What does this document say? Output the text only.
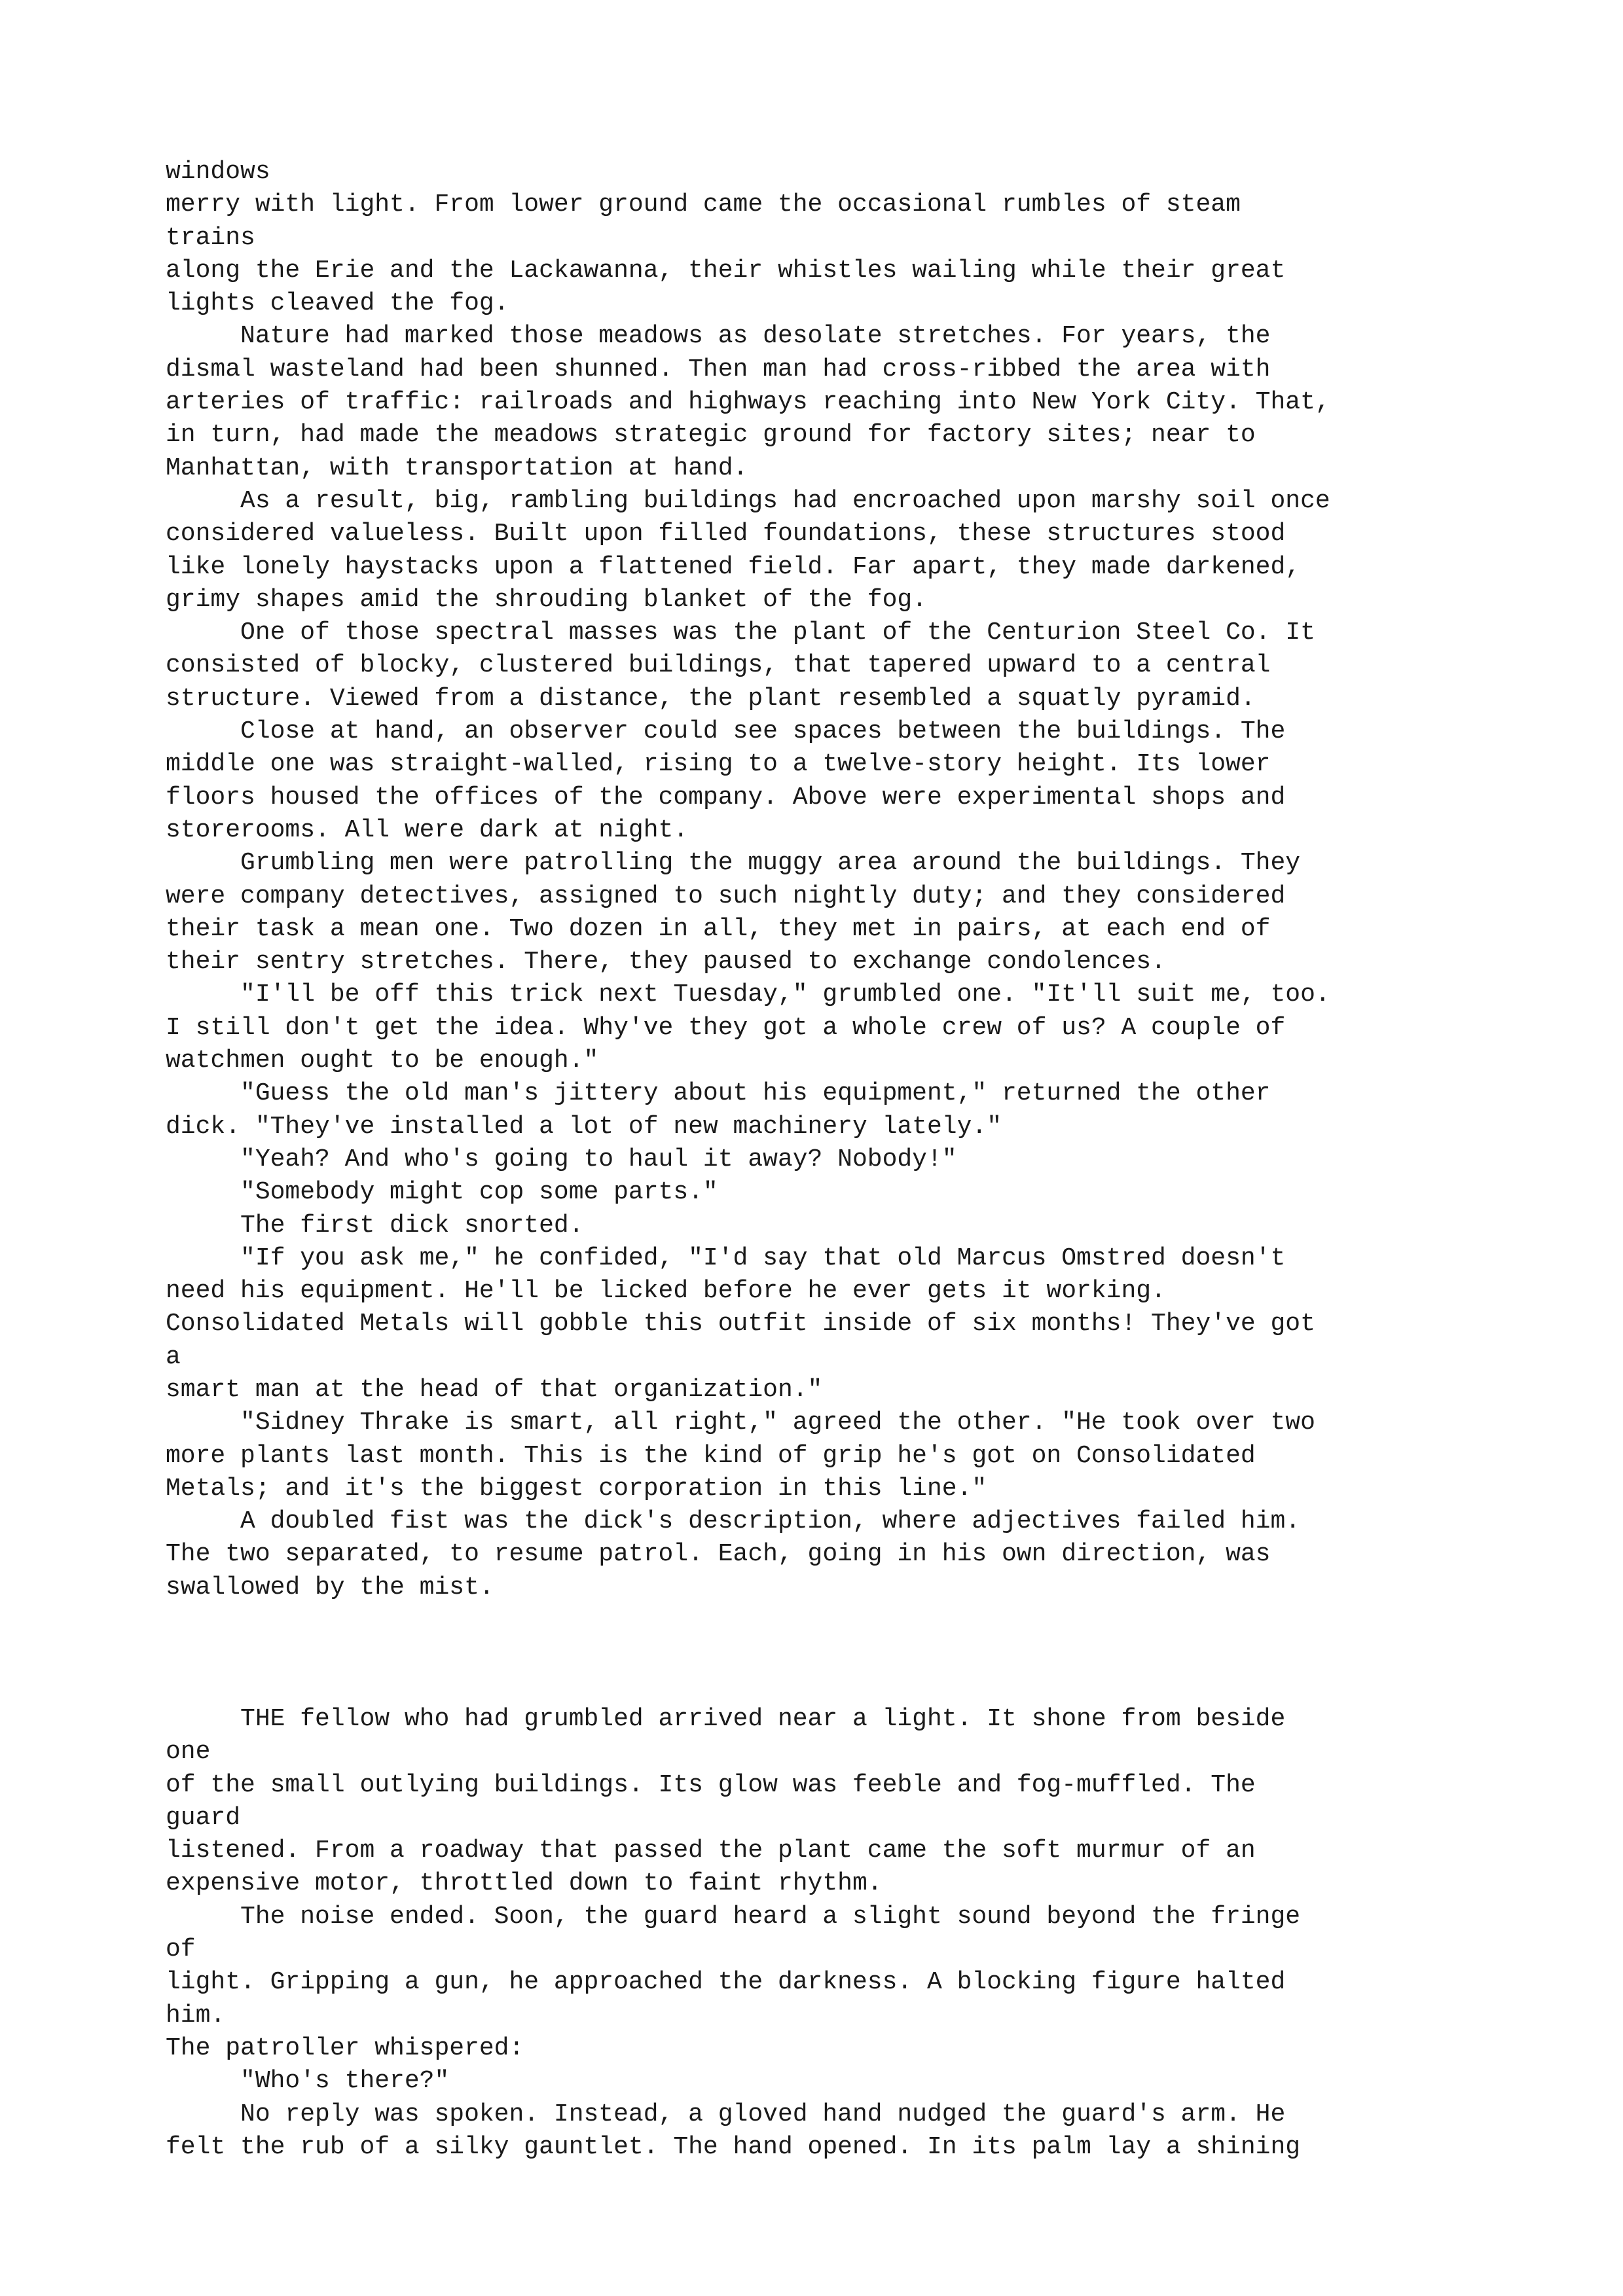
windows
merry with light. From lower ground came the occasional rumbles of steam
trains
along the Erie and the Lackawanna, their whistles wailing while their great
lights cleaved the fog.
Nature had marked those meadows as desolate stretches. For years, the
dismal wasteland had been shunned. Then man had cross-ribbed the area with
arteries of traffic: railroads and highways reaching into New York City. That,
in turn, had made the meadows strategic ground for factory sites; near to
Manhattan, with transportation at hand.
As a result, big, rambling buildings had encroached upon marshy soil once
considered valueless. Built upon filled foundations, these structures stood
like lonely haystacks upon a flattened field. Far apart, they made darkened,
grimy shapes amid the shrouding blanket of the fog.
One of those spectral masses was the plant of the Centurion Steel Co. It
consisted of blocky, clustered buildings, that tapered upward to a central
structure. Viewed from a distance, the plant resembled a squatly pyramid.
Close at hand, an observer could see spaces between the buildings. The
middle one was straight-walled, rising to a twelve-story height. Its lower
floors housed the offices of the company. Above were experimental shops and
storerooms. All were dark at night.
Grumbling men were patrolling the muggy area around the buildings. They
were company detectives, assigned to such nightly duty; and they considered
their task a mean one. Two dozen in all, they met in pairs, at each end of
their sentry stretches. There, they paused to exchange condolences.
"I'll be off this trick next Tuesday," grumbled one. "It'll suit me, too.
I still don't get the idea. Why've they got a whole crew of us? A couple of
watchmen ought to be enough."
"Guess the old man's jittery about his equipment," returned the other
dick. "They've installed a lot of new machinery lately."
"Yeah? And who's going to haul it away? Nobody!"
"Somebody might cop some parts."
The first dick snorted.
"If you ask me," he confided, "I'd say that old Marcus Omstred doesn't
need his equipment. He'll be licked before he ever gets it working.
Consolidated Metals will gobble this outfit inside of six months! They've got
a
smart man at the head of that organization."
"Sidney Thrake is smart, all right," agreed the other. "He took over two
more plants last month. This is the kind of grip he's got on Consolidated
Metals; and it's the biggest corporation in this line."
A doubled fist was the dick's description, where adjectives failed him.
The two separated, to resume patrol. Each, going in his own direction, was
swallowed by the mist.
THE fellow who had grumbled arrived near a light. It shone from beside
one
of the small outlying buildings. Its glow was feeble and fog-muffled. The
guard
listened. From a roadway that passed the plant came the soft murmur of an
expensive motor, throttled down to faint rhythm.
The noise ended. Soon, the guard heard a slight sound beyond the fringe
of
light. Gripping a gun, he approached the darkness. A blocking figure halted
him.
The patroller whispered:
"Who's there?"
No reply was spoken. Instead, a gloved hand nudged the guard's arm. He
felt the rub of a silky gauntlet. The hand opened. In its palm lay a shining
